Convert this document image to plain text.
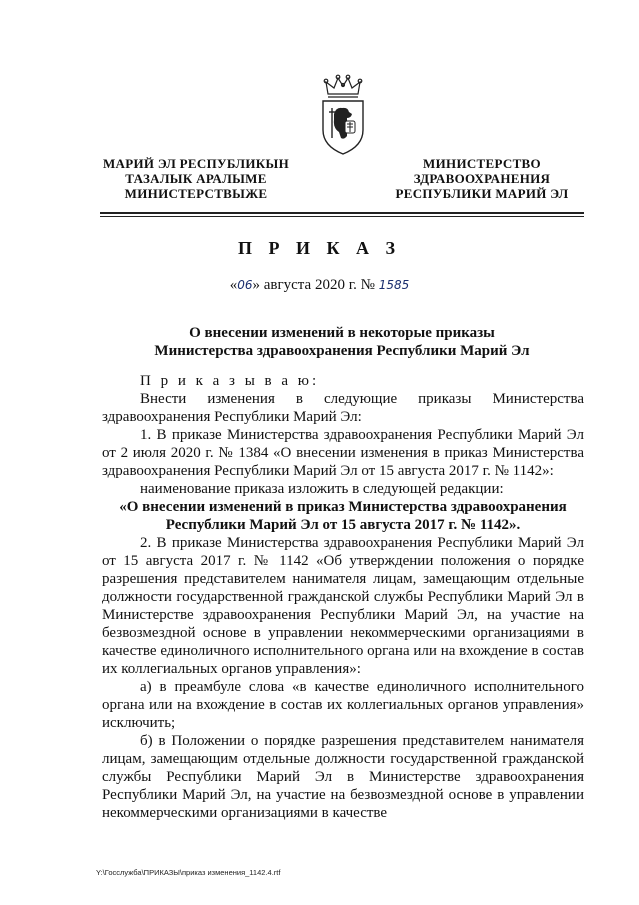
МАРИЙ ЭЛ РЕСПУБЛИКЫН
ТАЗАЛЫК АРАЛЫМЕ
МИНИСТЕРСТВЫЖЕ
МИНИСТЕРСТВО
ЗДРАВООХРАНЕНИЯ
РЕСПУБЛИКИ МАРИЙ ЭЛ
П Р И К А З
«06» августа 2020 г. № 1585
О внесении изменений в некоторые приказы
Министерства здравоохранения Республики Марий Эл

П р и к а з ы в а ю:

Внести изменения в следующие приказы Министерства здравоохранения Республики Марий Эл:

1. В приказе Министерства здравоохранения Республики Марий Эл от 2 июля 2020 г. № 1384 «О внесении изменения в приказ Министерства здравоохранения Республики Марий Эл от 15 августа 2017 г. № 1142»:

наименование приказа изложить в следующей редакции:

«О внесении изменений в приказ Министерства здравоохранения Республики Марий Эл от 15 августа 2017 г. № 1142».

2. В приказе Министерства здравоохранения Республики Марий Эл от 15 августа 2017 г. № 1142 «Об утверждении положения о порядке разрешения представителем нанимателя лицам, замещающим отдельные должности государственной гражданской службы Республики Марий Эл в Министерстве здравоохранения Республики Марий Эл, на участие на безвозмездной основе в управлении некоммерческими организациями в качестве единоличного исполнительного органа или на вхождение в состав их коллегиальных органов управления»:

а) в преамбуле слова «в качестве единоличного исполнительного органа или на вхождение в состав их коллегиальных органов управления» исключить;

б) в Положении о порядке разрешения представителем нанимателя лицам, замещающим отдельные должности государственной гражданской службы Республики Марий Эл в Министерстве здравоохранения Республики Марий Эл, на участие на безвозмездной основе в управлении некоммерческими организациями в качестве

Y:\Госслужба\ПРИКАЗЫ\приказ изменения_1142.4.rtf
